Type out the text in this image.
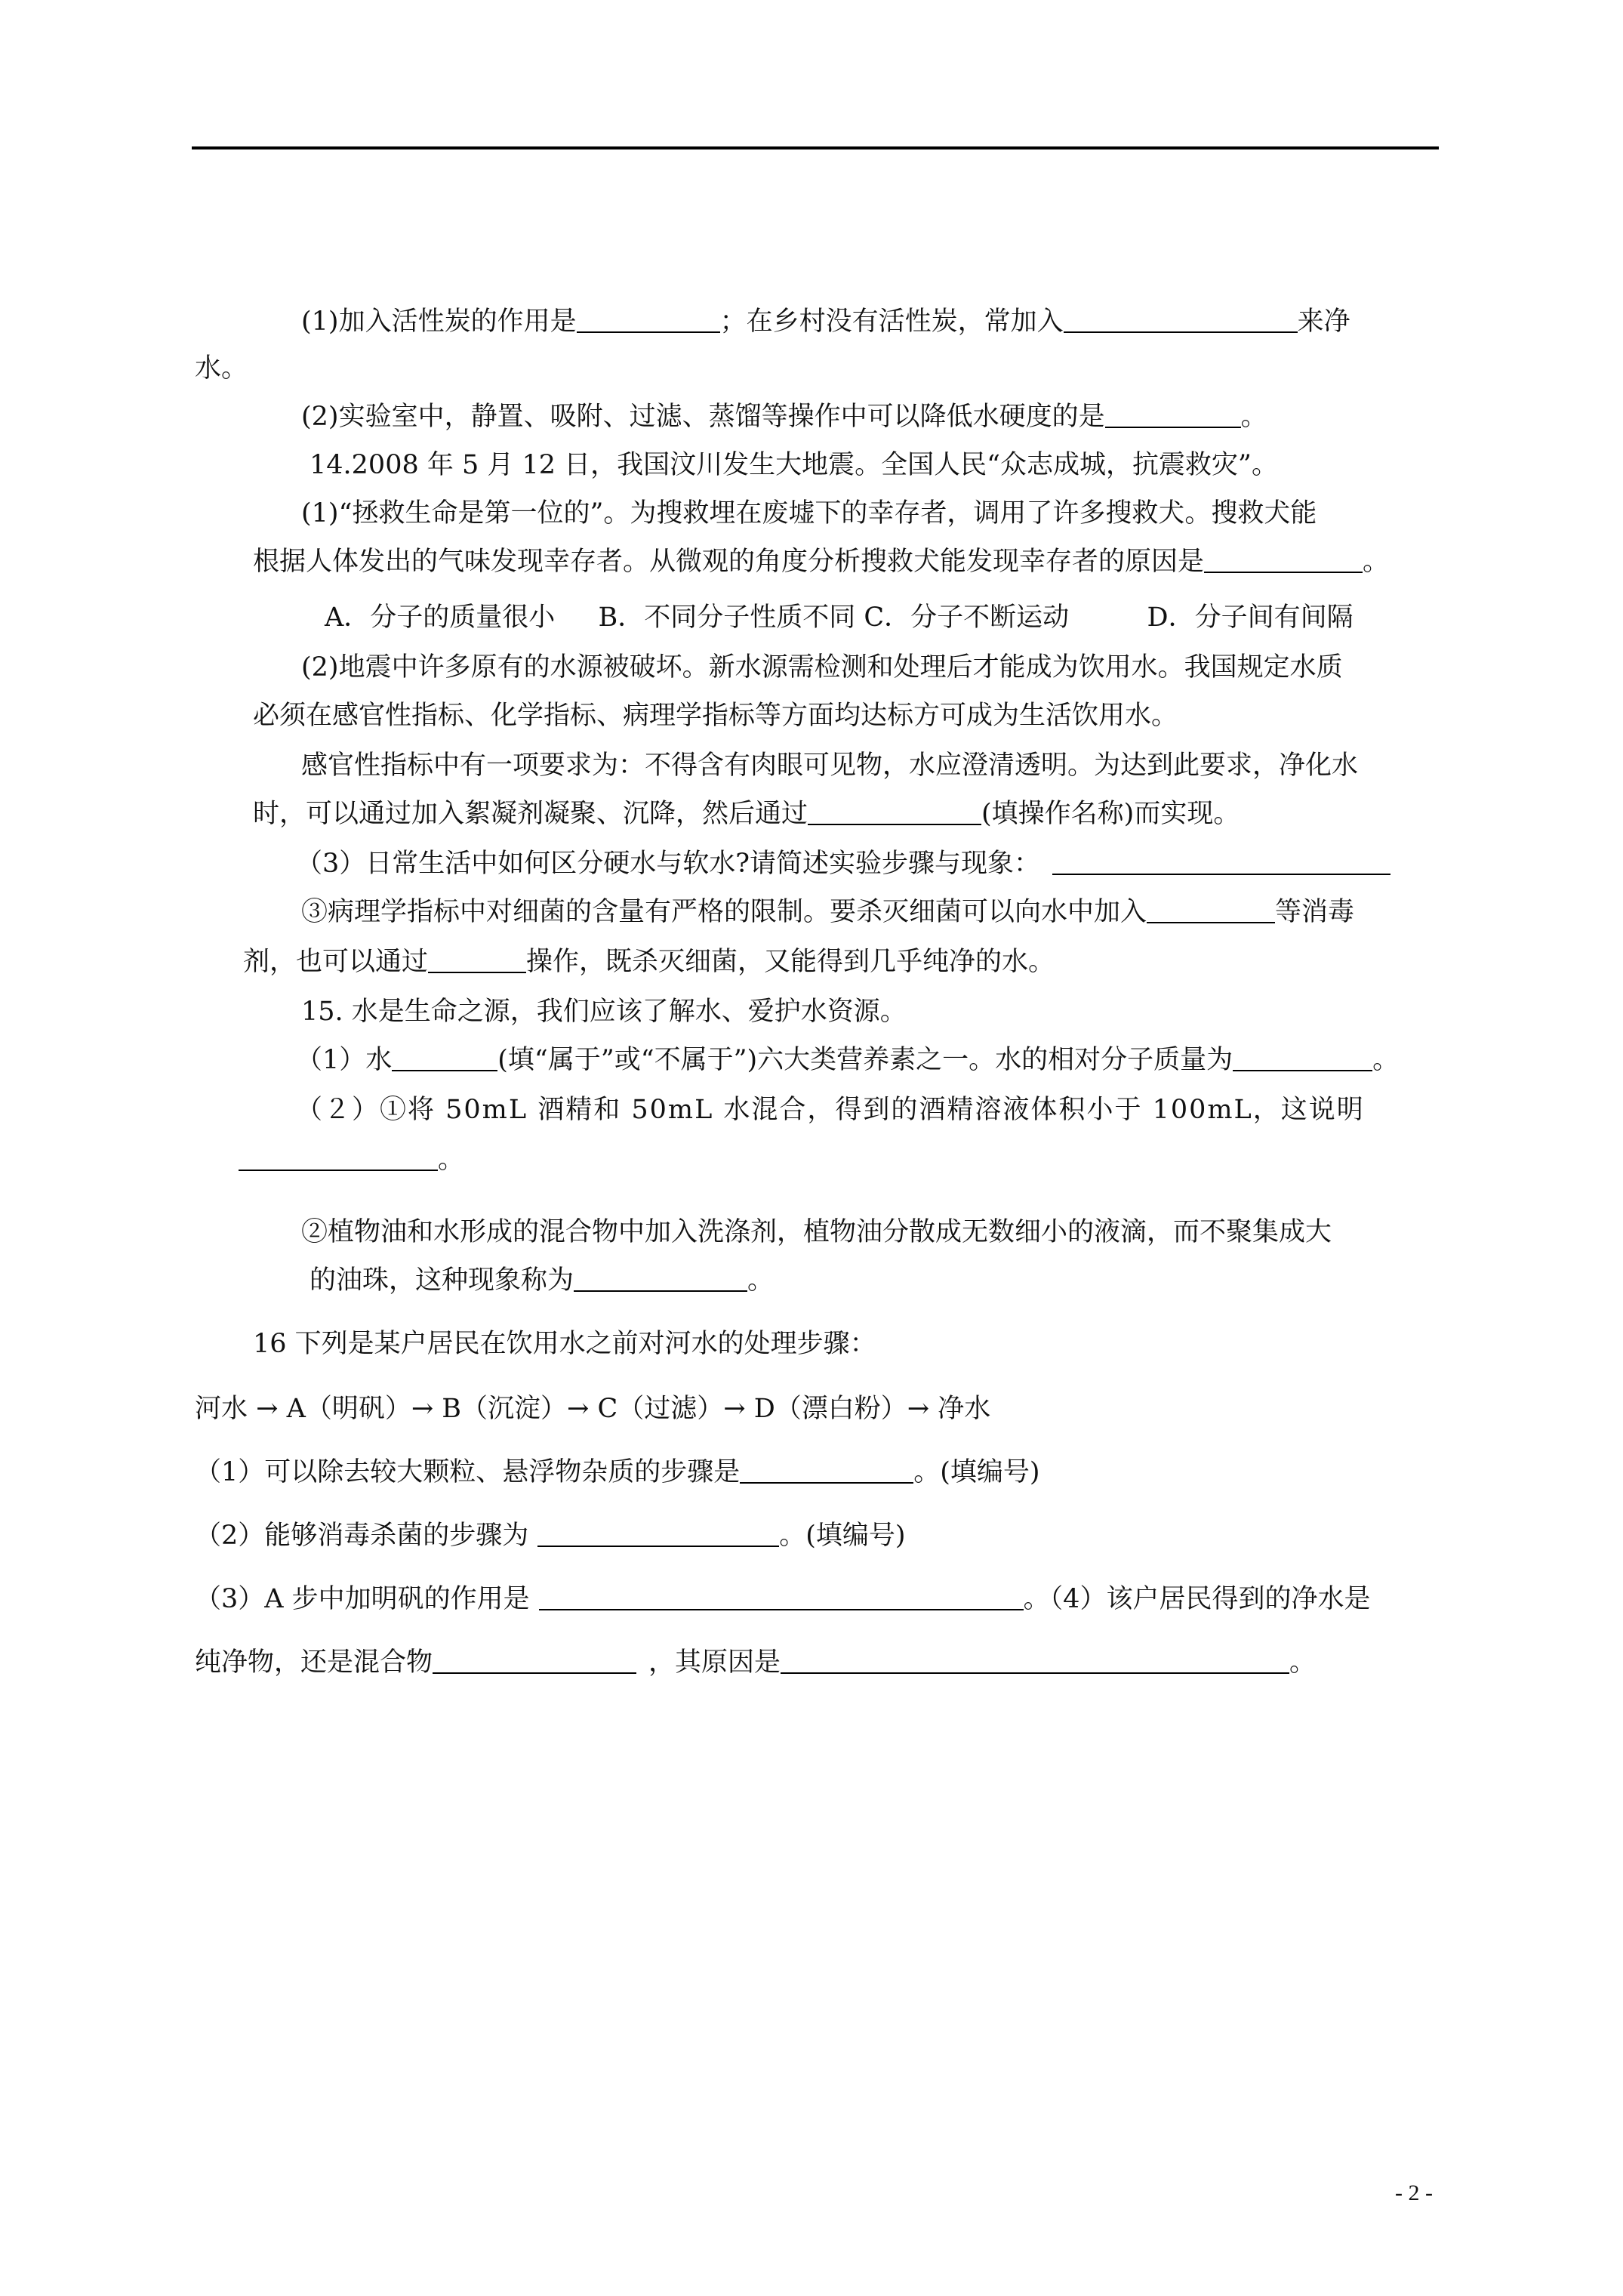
(1)加入活性炭的作用是	；在乡村没有活性炭，常加入	来净
水。
(2)实验室中，静置、吸附、过滤、蒸馏等操作中可以降低水硬度的是	。
14.2008 年 5 月 12 日，我国汶川发生大地震。全国人民“众志成城，抗震救灾”。
(1)“拯救生命是第一位的”。为搜救埋在废墟下的幸存者，调用了许多搜救犬。搜救犬能
根据人体发出的气味发现幸存者。从微观的角度分析搜救犬能发现幸存者的原因是	。
A．分子的质量很小 　 B．不同分子性质不同 C．分子不断运动 　 　 D．分子间有间隔
(2)地震中许多原有的水源被破坏。新水源需检测和处理后才能成为饮用水。我国规定水质
必须在感官性指标、化学指标、病理学指标等方面均达标方可成为生活饮用水。
感官性指标中有一项要求为：不得含有肉眼可见物，水应澄清透明。为达到此要求，净化水
时，可以通过加入絮凝剂凝聚、沉降，然后通过	(填操作名称)而实现。
（3）日常生活中如何区分硬水与软水?请简述实验步骤与现象：
③病理学指标中对细菌的含量有严格的限制。要杀灭细菌可以向水中加入	等消毒
剂，也可以通过	操作，既杀灭细菌，又能得到几乎纯净的水。
15. 水是生命之源，我们应该了解水、爱护水资源。
（1）水	(填“属于”或“不属于”)六大类营养素之一。水的相对分子质量为	。
（２）①将 50mL 酒精和 50mL 水混合，得到的酒精溶液体积小于 100mL，这说明
。
②植物油和水形成的混合物中加入洗涤剂，植物油分散成无数细小的液滴，而不聚集成大
的油珠，这种现象称为	。
16 下列是某户居民在饮用水之前对河水的处理步骤：
河水 → A（明矾）→ B（沉淀）→ C（过滤）→ D（漂白粉）→ 净水
（1）可以除去较大颗粒、悬浮物杂质的步骤是	。(填编号)
（2）能够消毒杀菌的步骤为	。(填编号)
（3）A 步中加明矾的作用是	。（4）该户居民得到的净水是
纯净物，还是混合物	，其原因是	。
- 2 -
